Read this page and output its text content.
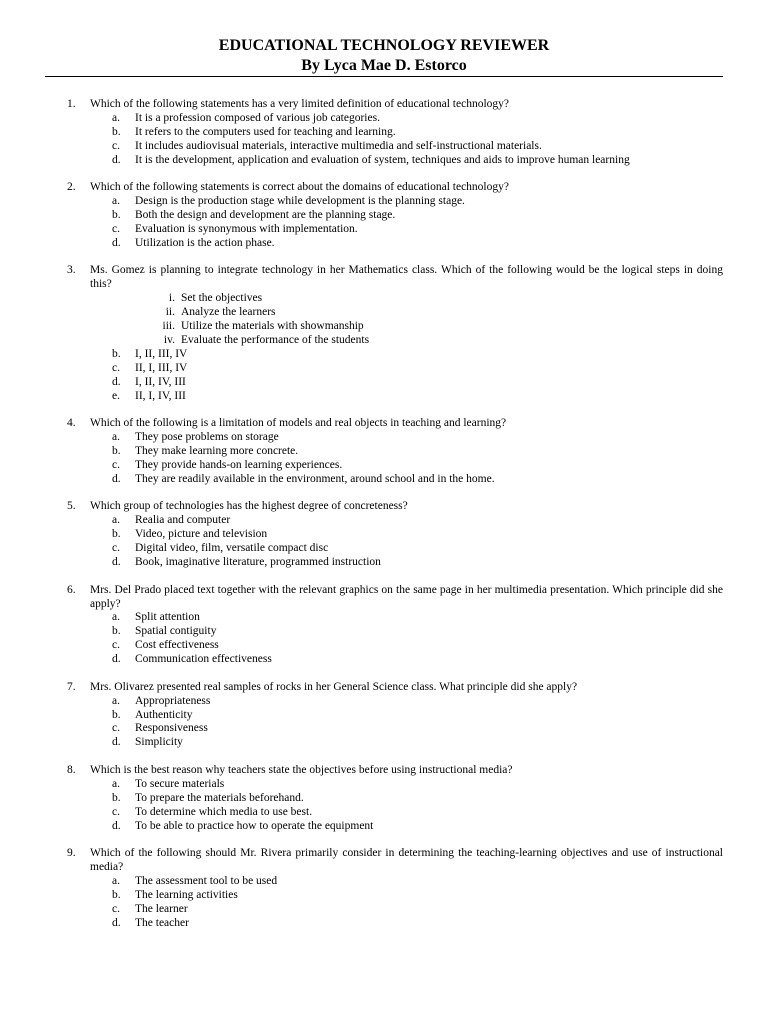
EDUCATIONAL TECHNOLOGY REVIEWER
By Lyca Mae D. Estorco
1. Which of the following statements has a very limited definition of educational technology?
a. It is a profession composed of various job categories.
b. It refers to the computers used for teaching and learning.
c. It includes audiovisual materials, interactive multimedia and self-instructional materials.
d. It is the development, application and evaluation of system, techniques and aids to improve human learning
2. Which of the following statements is correct about the domains of educational technology?
a. Design is the production stage while development is the planning stage.
b. Both the design and development are the planning stage.
c. Evaluation is synonymous with implementation.
d. Utilization is the action phase.
3. Ms. Gomez is planning to integrate technology in her Mathematics class. Which of the following would be the logical steps in doing this?
i. Set the objectives
ii. Analyze the learners
iii. Utilize the materials with showmanship
iv. Evaluate the performance of the students
b. I, II, III, IV
c. II, I, III, IV
d. I, II, IV, III
e. II, I, IV, III
4. Which of the following is a limitation of models and real objects in teaching and learning?
a. They pose problems on storage
b. They make learning more concrete.
c. They provide hands-on learning experiences.
d. They are readily available in the environment, around school and in the home.
5. Which group of technologies has the highest degree of concreteness?
a. Realia and computer
b. Video, picture and television
c. Digital video, film, versatile compact disc
d. Book, imaginative literature, programmed instruction
6. Mrs. Del Prado placed text together with the relevant graphics on the same page in her multimedia presentation. Which principle did she apply?
a. Split attention
b. Spatial contiguity
c. Cost effectiveness
d. Communication effectiveness
7. Mrs. Olivarez presented real samples of rocks in her General Science class. What principle did she apply?
a. Appropriateness
b. Authenticity
c. Responsiveness
d. Simplicity
8. Which is the best reason why teachers state the objectives before using instructional media?
a. To secure materials
b. To prepare the materials beforehand.
c. To determine which media to use best.
d. To be able to practice how to operate the equipment
9. Which of the following should Mr. Rivera primarily consider in determining the teaching-learning objectives and use of instructional media?
a. The assessment tool to be used
b. The learning activities
c. The learner
d. The teacher
